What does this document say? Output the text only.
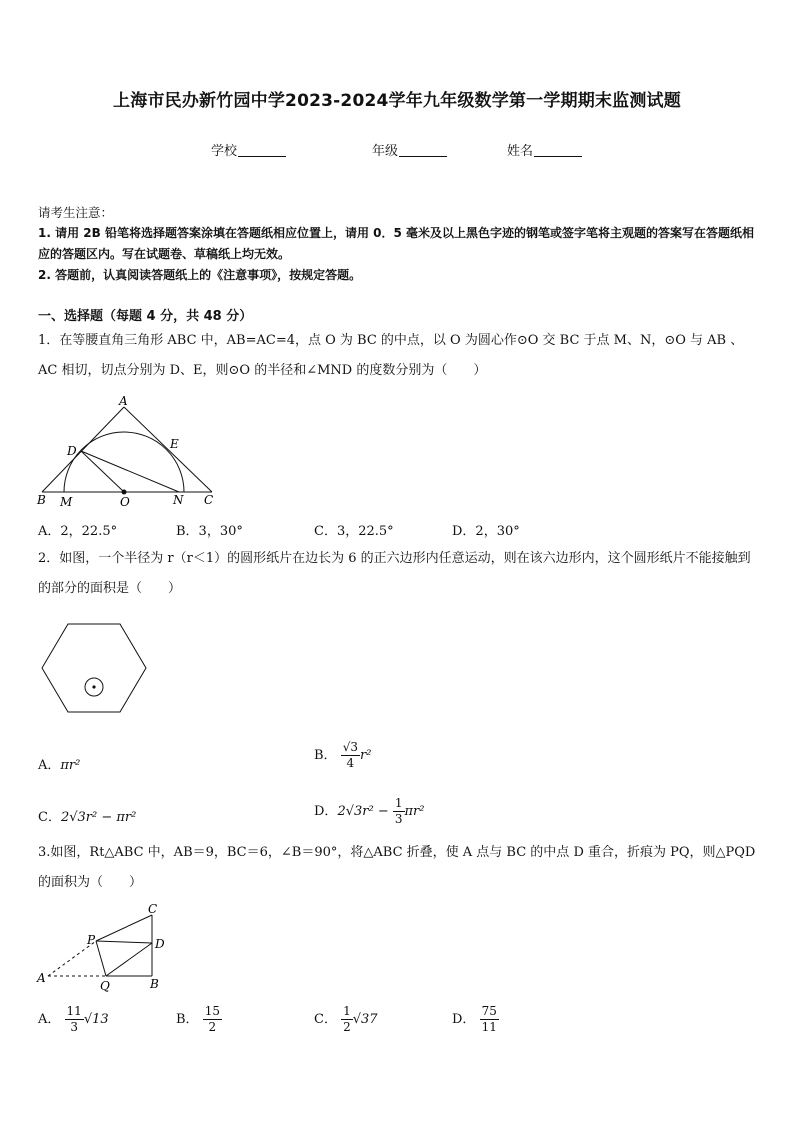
上海市民办新竹园中学2023-2024学年九年级数学第一学期期末监测试题
学校	年级	姓名
请考生注意：
1. 请用 2B 铅笔将选择题答案涂填在答题纸相应位置上，请用 0．5 毫米及以上黑色字迹的钢笔或签字笔将主观题的答案写在答题纸相应的答题区内。写在试题卷、草稿纸上均无效。
2. 答题前，认真阅读答题纸上的《注意事项》，按规定答题。
一、选择题（每题 4 分，共 48 分）
1．在等腰直角三角形 ABC 中，AB=AC=4，点 O 为 BC 的中点，以 O 为圆心作⊙O 交 BC 于点 M、N，⊙O 与 AB 、AC 相切，切点分别为 D、E，则⊙O 的半径和∠MND 的度数分别为（　　）
A
D	E
B M	O	N C
A．2，22.5°	B．3，30°	C．3，22.5°	D．2，30°
2．如图，一个半径为 r（r＜1）的圆形纸片在边长为 6 的正六边形内任意运动，则在该六边形内，这个圆形纸片不能接触到的部分的面积是（　　）
A．πr²
B． $\frac{√3}{4} r^2$
C．2√3r² − πr²	D．$2√3r^2 - \frac{1}{3} \pi r^2$
3.如图，Rt△ABC 中，AB＝9，BC＝6，∠B＝90°，将△ABC 折叠，使 A 点与 BC 的中点 D 重合，折痕为 PQ，则△PQD 的面积为（　　）
C
P	D
A
Q	B
A． $\frac{11}{3} √13$	B． $\frac{15}{2}$	C． $\frac{1}{2} √37$	D． $\frac{75}{11}$
